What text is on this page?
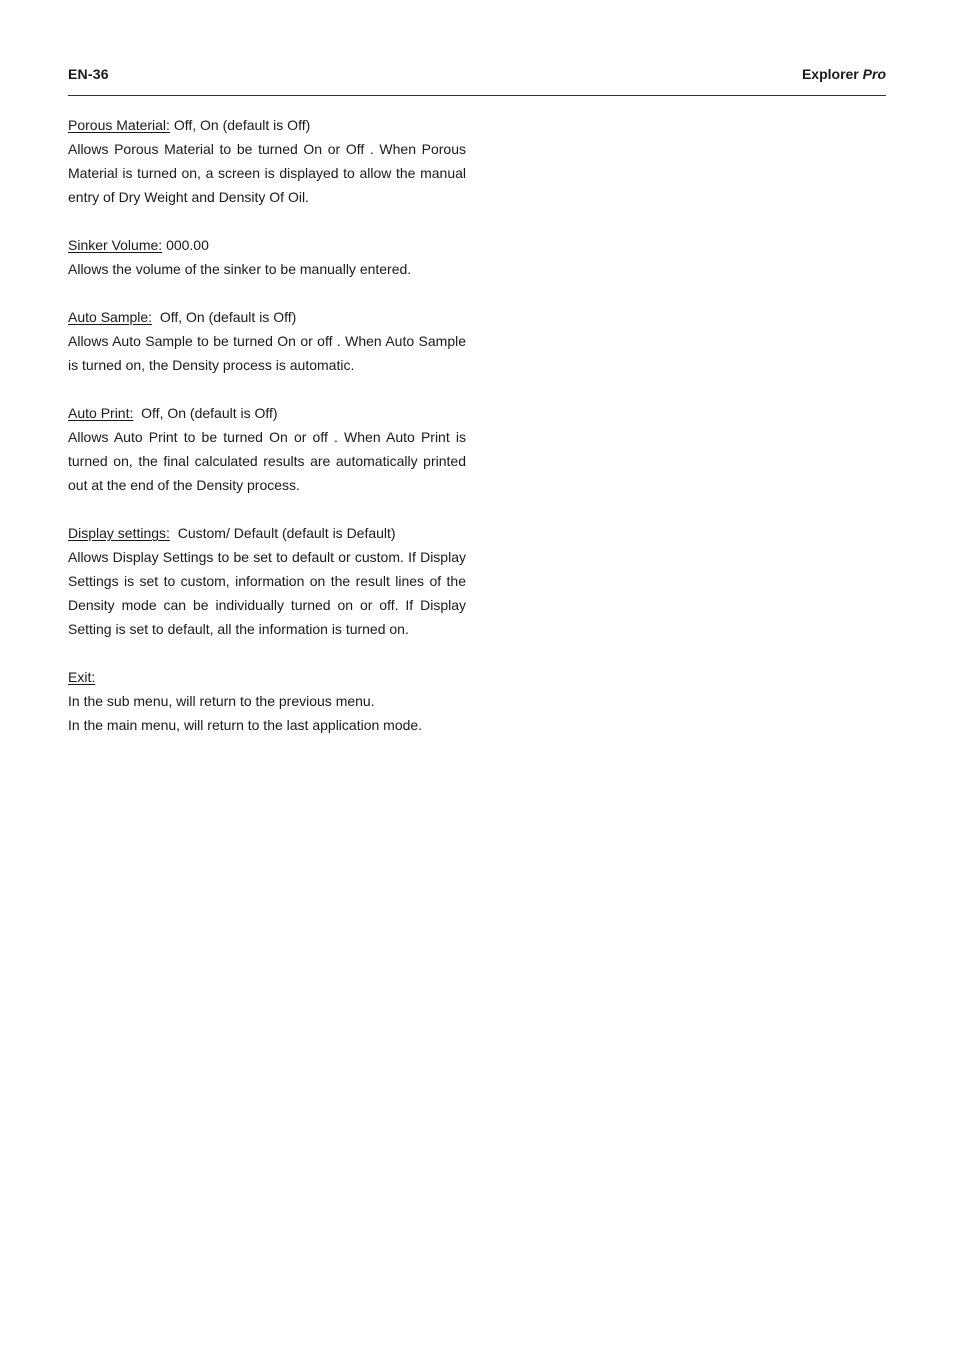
EN-36	Explorer Pro

Porous Material: Off, On (default is Off)

Allows Porous Material to be turned On or Off . When Porous Material is turned on, a screen is displayed to allow the manual entry of Dry Weight and Density Of Oil.

Sinker Volume: 000.00

Allows the volume of the sinker to be manually entered.

Auto Sample: Off, On (default is Off)

Allows Auto Sample to be turned On or off . When Auto Sample is turned on, the Density process is automatic.

Auto Print: Off, On (default is Off)

Allows Auto Print to be turned On or off . When Auto Print is turned on, the final calculated results are automatically printed out at the end of the Density process.

Display settings: Custom/ Default (default is Default)

Allows Display Settings to be set to default or custom. If Display Settings is set to custom, information on the result lines of the Density mode can be individually turned on or off. If Display Setting is set to default, all the information is turned on.

Exit:

In the sub menu, will return to the previous menu.

In the main menu, will return to the last application mode.
